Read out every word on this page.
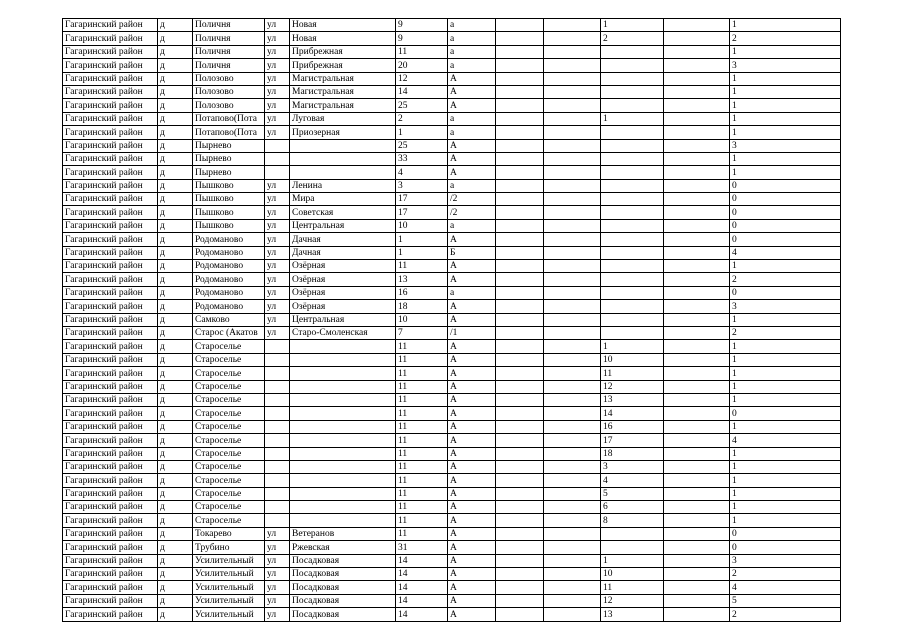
Гагаринский район	д	Поличня	ул	Новая	9	а			1		1
Гагаринский район	д	Поличня	ул	Новая	9	а			2		2
Гагаринский район	д	Поличня	ул	Прибрежная	11	а					1
Гагаринский район	д	Поличня	ул	Прибрежная	20	а					3
Гагаринский район	д	Полозово	ул	Магистральная	12	А					1
Гагаринский район	д	Полозово	ул	Магистральная	14	А					1
Гагаринский район	д	Полозово	ул	Магистральная	25	А					1
Гагаринский район	д	Потапово(Пота	ул	Луговая	2	а			1		1
Гагаринский район	д	Потапово(Пота	ул	Приозерная	1	а					1
Гагаринский район	д	Пырнево			25	А					3
Гагаринский район	д	Пырнево			33	А					1
Гагаринский район	д	Пырнево			4	А					1
Гагаринский район	д	Пышково	ул	Ленина	3	а					0
Гагаринский район	д	Пышково	ул	Мира	17	/2					0
Гагаринский район	д	Пышково	ул	Советская	17	/2					0
Гагаринский район	д	Пышково	ул	Центральная	10	а					0
Гагаринский район	д	Родоманово	ул	Дачная	1	А					0
Гагаринский район	д	Родоманово	ул	Дачная	1	Б					4
Гагаринский район	д	Родоманово	ул	Озёрная	11	А					1
Гагаринский район	д	Родоманово	ул	Озёрная	13	А					2
Гагаринский район	д	Родоманово	ул	Озёрная	16	а					0
Гагаринский район	д	Родоманово	ул	Озёрная	18	А					3
Гагаринский район	д	Самково	ул	Центральная	10	А					1
Гагаринский район	д	Старос (Акатов	ул	Старо-Смоленская	7	/1					2
Гагаринский район	д	Староселье			11	А			1		1
Гагаринский район	д	Староселье			11	А			10		1
Гагаринский район	д	Староселье			11	А			11		1
Гагаринский район	д	Староселье			11	А			12		1
Гагаринский район	д	Староселье			11	А			13		1
Гагаринский район	д	Староселье			11	А			14		0
Гагаринский район	д	Староселье			11	А			16		1
Гагаринский район	д	Староселье			11	А			17		4
Гагаринский район	д	Староселье			11	А			18		1
Гагаринский район	д	Староселье			11	А			3		1
Гагаринский район	д	Староселье			11	А			4		1
Гагаринский район	д	Староселье			11	А			5		1
Гагаринский район	д	Староселье			11	А			6		1
Гагаринский район	д	Староселье			11	А			8		1
Гагаринский район	д	Токарево	ул	Ветеранов	11	А					0
Гагаринский район	д	Трубино	ул	Ржевская	31	А					0
Гагаринский район	д	Усилительный	ул	Посадковая	14	А			1		3
Гагаринский район	д	Усилительный	ул	Посадковая	14	А			10		2
Гагаринский район	д	Усилительный	ул	Посадковая	14	А			11		4
Гагаринский район	д	Усилительный	ул	Посадковая	14	А			12		5
Гагаринский район	д	Усилительный	ул	Посадковая	14	А			13		2
